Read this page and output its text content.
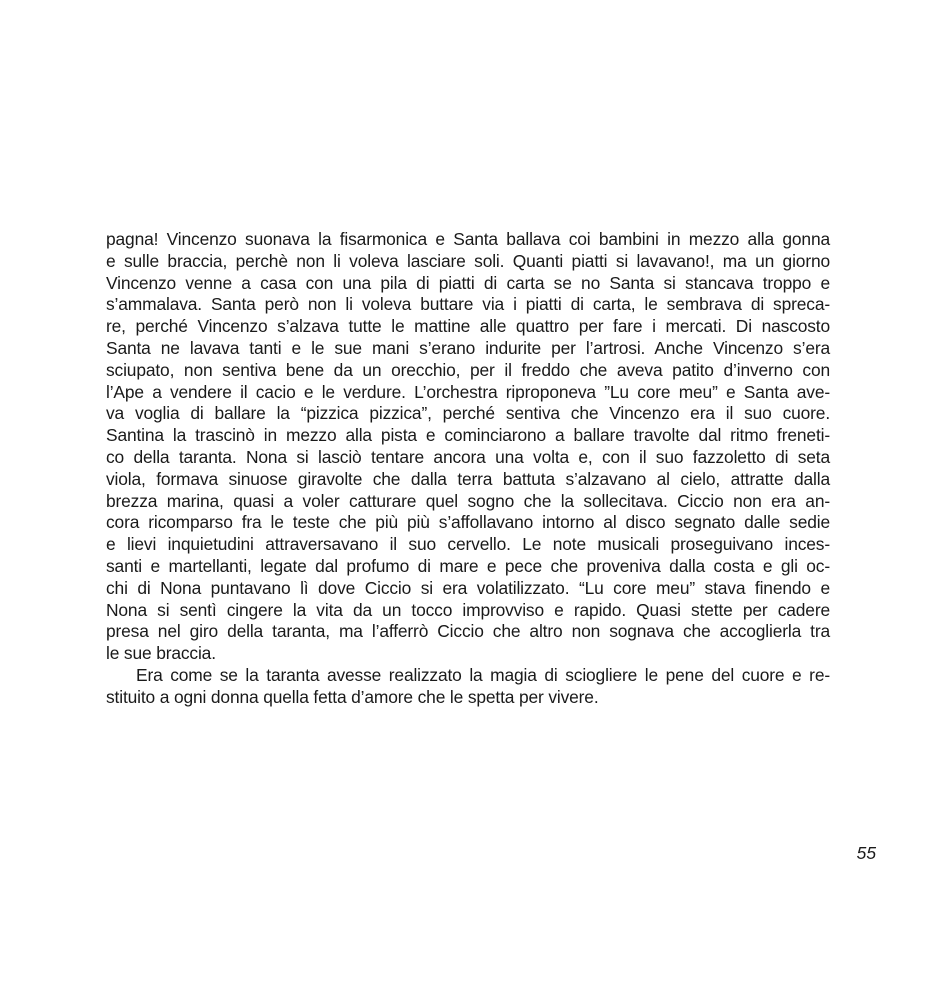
pagna! Vincenzo suonava la fisarmonica e Santa ballava coi bambini in mezzo alla gonna
e sulle braccia, perchè non li voleva lasciare soli. Quanti piatti si lavavano!, ma un giorno
Vincenzo venne a casa con una pila di piatti di carta se no Santa si stancava troppo e
s’ammalava. Santa però non li voleva buttare via i piatti di carta, le sembrava di spreca-
re, perché Vincenzo s’alzava tutte le mattine alle quattro per fare i mercati. Di nascosto
Santa ne lavava tanti e le sue mani s’erano indurite per l’artrosi. Anche Vincenzo s’era
sciupato, non sentiva bene da un orecchio, per il freddo che aveva patito d’inverno con
l’Ape a vendere il cacio e le verdure. L’orchestra riproponeva ”Lu core meu” e Santa ave-
va voglia di ballare la “pizzica pizzica”, perché sentiva che Vincenzo era il suo cuore.
Santina la trascinò in mezzo alla pista e cominciarono a ballare travolte dal ritmo freneti-
co della taranta. Nona si lasciò tentare ancora una volta e, con il suo fazzoletto di seta
viola, formava sinuose giravolte che dalla terra battuta s’alzavano al cielo, attratte dalla
brezza marina, quasi a voler catturare quel sogno che la sollecitava. Ciccio non era an-
cora ricomparso fra le teste che più più s’affollavano intorno al disco segnato dalle sedie
e lievi inquietudini attraversavano il suo cervello. Le note musicali proseguivano inces-
santi e martellanti, legate dal profumo di mare e pece che proveniva dalla costa e gli oc-
chi di Nona puntavano lì dove Ciccio si era volatilizzato. “Lu core meu” stava finendo e
Nona si sentì cingere la vita da un tocco improvviso e rapido. Quasi stette per cadere
presa nel giro della taranta, ma l’afferrò Ciccio che altro non sognava che accoglierla tra
le sue braccia.
Era come se la taranta avesse realizzato la magia di sciogliere le pene del cuore e re-
stituito a ogni donna quella fetta d’amore che le spetta per vivere.
55
